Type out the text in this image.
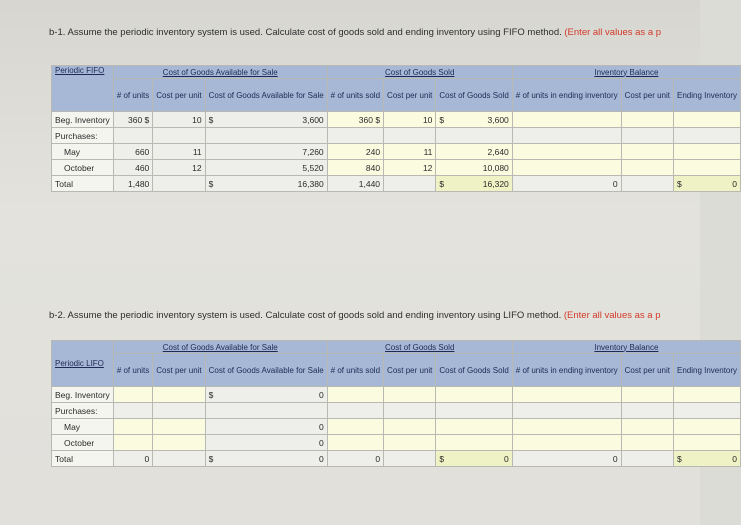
b-1. Assume the periodic inventory system is used. Calculate cost of goods sold and ending inventory using FIFO method. (Enter all values as a p
Periodic FIFO	Cost of Goods Available for Sale			Cost of Goods Sold			Inventory Balance		
	# of units	Cost per unit	Cost of Goods Available for Sale	# of units sold	Cost per unit	Cost of Goods Sold	# of units in ending inventory	Cost per unit	Ending Inventory
Beg. Inventory	360 $	10	$ 3,600	360 $	10	$ 3,600			
Purchases:									
May	660	11	7,260	240	11	2,640			
October	460	12	5,520	840	12	10,080			
Total	1,480		$ 16,380	1,440		$ 16,320	0		$ 0
b-2. Assume the periodic inventory system is used. Calculate cost of goods sold and ending inventory using LIFO method. (Enter all values as a p
Periodic LIFO	Cost of Goods Available for Sale			Cost of Goods Sold			Inventory Balance		
	# of units	Cost per unit	Cost of Goods Available for Sale	# of units sold	Cost per unit	Cost of Goods Sold	# of units in ending inventory	Cost per unit	Ending Inventory
Beg. Inventory			$ 0						
Purchases:									
May			0						
October			0						
Total	0		$ 0	0		$ 0	0		$ 0
